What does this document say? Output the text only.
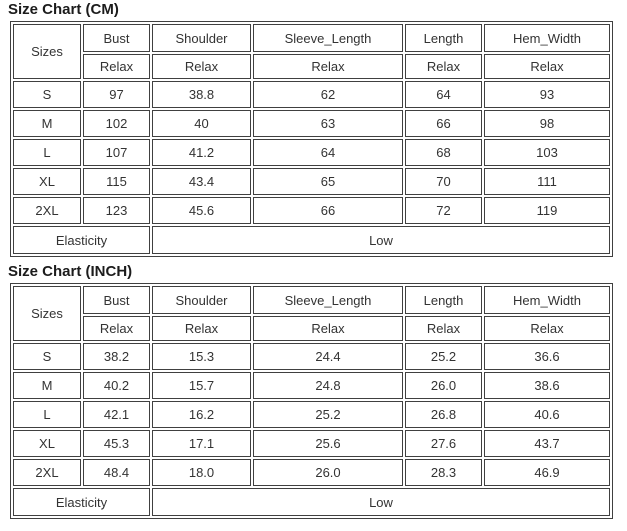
Size Chart (CM)
Sizes	Bust	Shoulder	Sleeve_Length	Length	Hem_Width
	Relax	Relax	Relax	Relax	Relax
S	97	38.8	62	64	93
M	102	40	63	66	98
L	107	41.2	64	68	103
XL	115	43.4	65	70	111
2XL	123	45.6	66	72	119
Elasticity		Low			
Size Chart (INCH)
Sizes	Bust	Shoulder	Sleeve_Length	Length	Hem_Width
	Relax	Relax	Relax	Relax	Relax
S	38.2	15.3	24.4	25.2	36.6
M	40.2	15.7	24.8	26.0	38.6
L	42.1	16.2	25.2	26.8	40.6
XL	45.3	17.1	25.6	27.6	43.7
2XL	48.4	18.0	26.0	28.3	46.9
Elasticity		Low			
